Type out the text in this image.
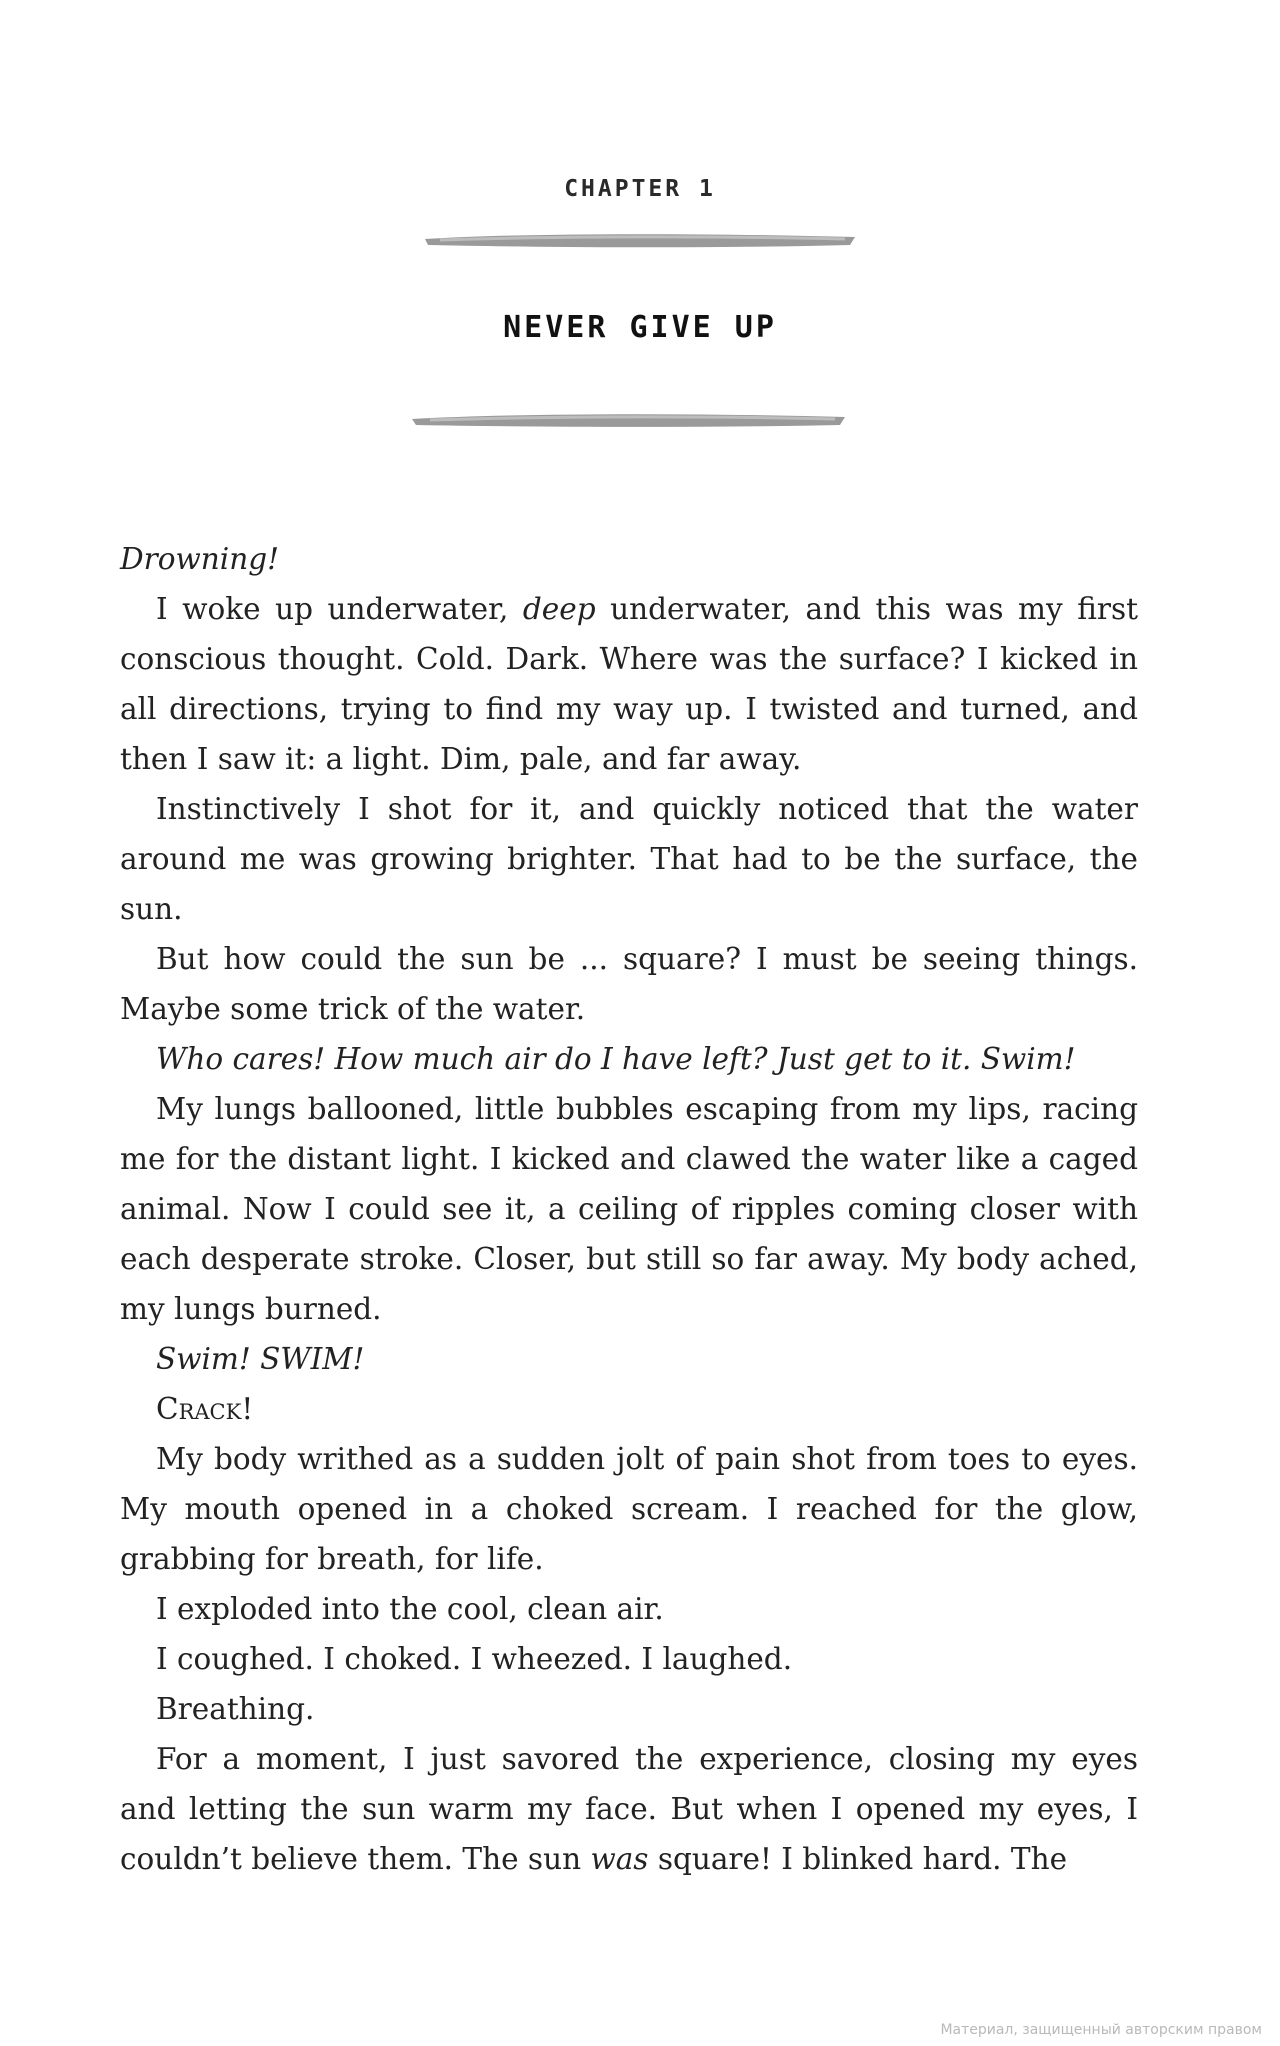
CHAPTER 1
NEVER GIVE UP

Drowning!

I woke up underwater, deep underwater, and this was my first conscious thought. Cold. Dark. Where was the surface? I kicked in all directions, trying to find my way up. I twisted and turned, and then I saw it: a light. Dim, pale, and far away.

Instinctively I shot for it, and quickly noticed that the water around me was growing brighter. That had to be the surface, the sun.

But how could the sun be ... square? I must be seeing things. Maybe some trick of the water.

Who cares! How much air do I have left? Just get to it. Swim!

My lungs ballooned, little bubbles escaping from my lips, racing me for the distant light. I kicked and clawed the water like a caged animal. Now I could see it, a ceiling of ripples coming closer with each desperate stroke. Closer, but still so far away. My body ached, my lungs burned.

Swim! SWIM!

Crack!

My body writhed as a sudden jolt of pain shot from toes to eyes. My mouth opened in a choked scream. I reached for the glow, grabbing for breath, for life.

I exploded into the cool, clean air.

I coughed. I choked. I wheezed. I laughed.

Breathing.

For a moment, I just savored the experience, closing my eyes and letting the sun warm my face. But when I opened my eyes, I couldn’t believe them. The sun was square! I blinked hard. The

Материал, защищенный авторским правом
